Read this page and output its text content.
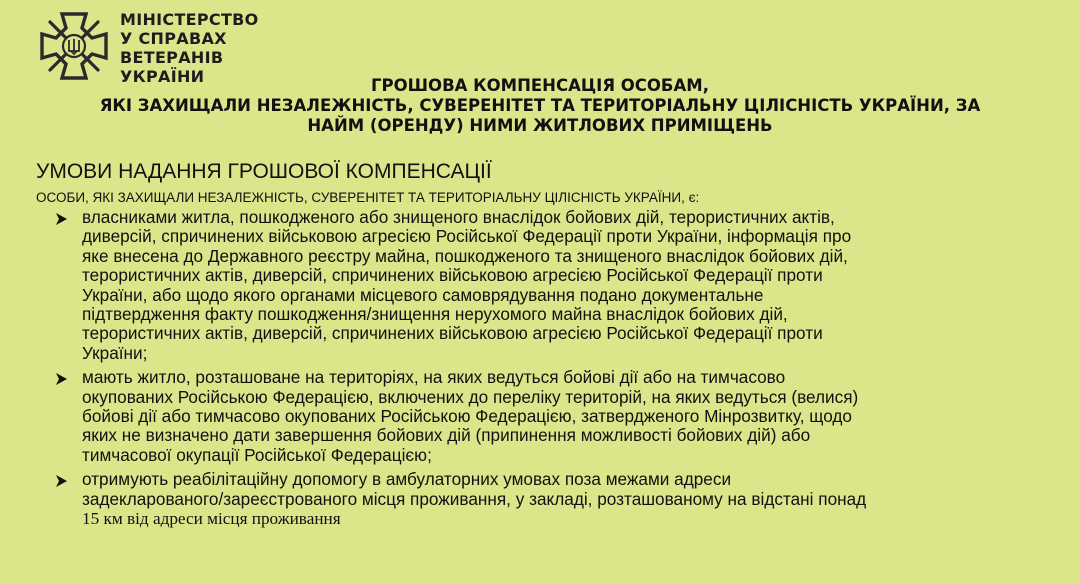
МІНІСТЕРСТВО
У СПРАВАХ
ВЕТЕРАНІВ
УКРАЇНИ	ГРОШОВА КОМПЕНСАЦІЯ ОСОБАМ,
ЯКІ ЗАХИЩАЛИ НЕЗАЛЕЖНІСТЬ, СУВЕРЕНІТЕТ ТА ТЕРИТОРІАЛЬНУ ЦІЛІСНІСТЬ УКРАЇНИ, ЗА
НАЙМ (ОРЕНДУ) НИМИ ЖИТЛОВИХ ПРИМІЩЕНЬ
УМОВИ НАДАННЯ ГРОШОВОЇ КОМПЕНСАЦІЇ
ОСОБИ, ЯКІ ЗАХИЩАЛИ НЕЗАЛЕЖНІСТЬ, СУВЕРЕНІТЕТ ТА ТЕРИТОРІАЛЬНУ ЦІЛІСНІСТЬ УКРАЇНИ, є:
власниками житла, пошкодженого або знищеного внаслідок бойових дій, терористичних актів,
диверсій, спричинених військовою агресією Російської Федерації проти України, інформація про
яке внесена до Державного реєстру майна, пошкодженого та знищеного внаслідок бойових дій,
терористичних актів, диверсій, спричинених військовою агресією Російської Федерації проти
України, або щодо якого органами місцевого самоврядування подано документальне
підтвердження факту пошкодження/знищення нерухомого майна внаслідок бойових дій,
терористичних актів, диверсій, спричинених військовою агресією Російської Федерації проти
України;
мають житло, розташоване на територіях, на яких ведуться бойові дії або на тимчасово
окупованих Російською Федерацією, включених до переліку територій, на яких ведуться (велися)
бойові дії або тимчасово окупованих Російською Федерацією, затвердженого Мінрозвитку, щодо
яких не визначено дати завершення бойових дій (припинення можливості бойових дій) або
тимчасової окупації Російської Федерацією;
отримують реабілітаційну допомогу в амбулаторних умовах поза межами адреси
задекларованого/зареєстрованого місця проживання, у закладі, розташованому на відстані понад
15 км від адреси місця проживання
